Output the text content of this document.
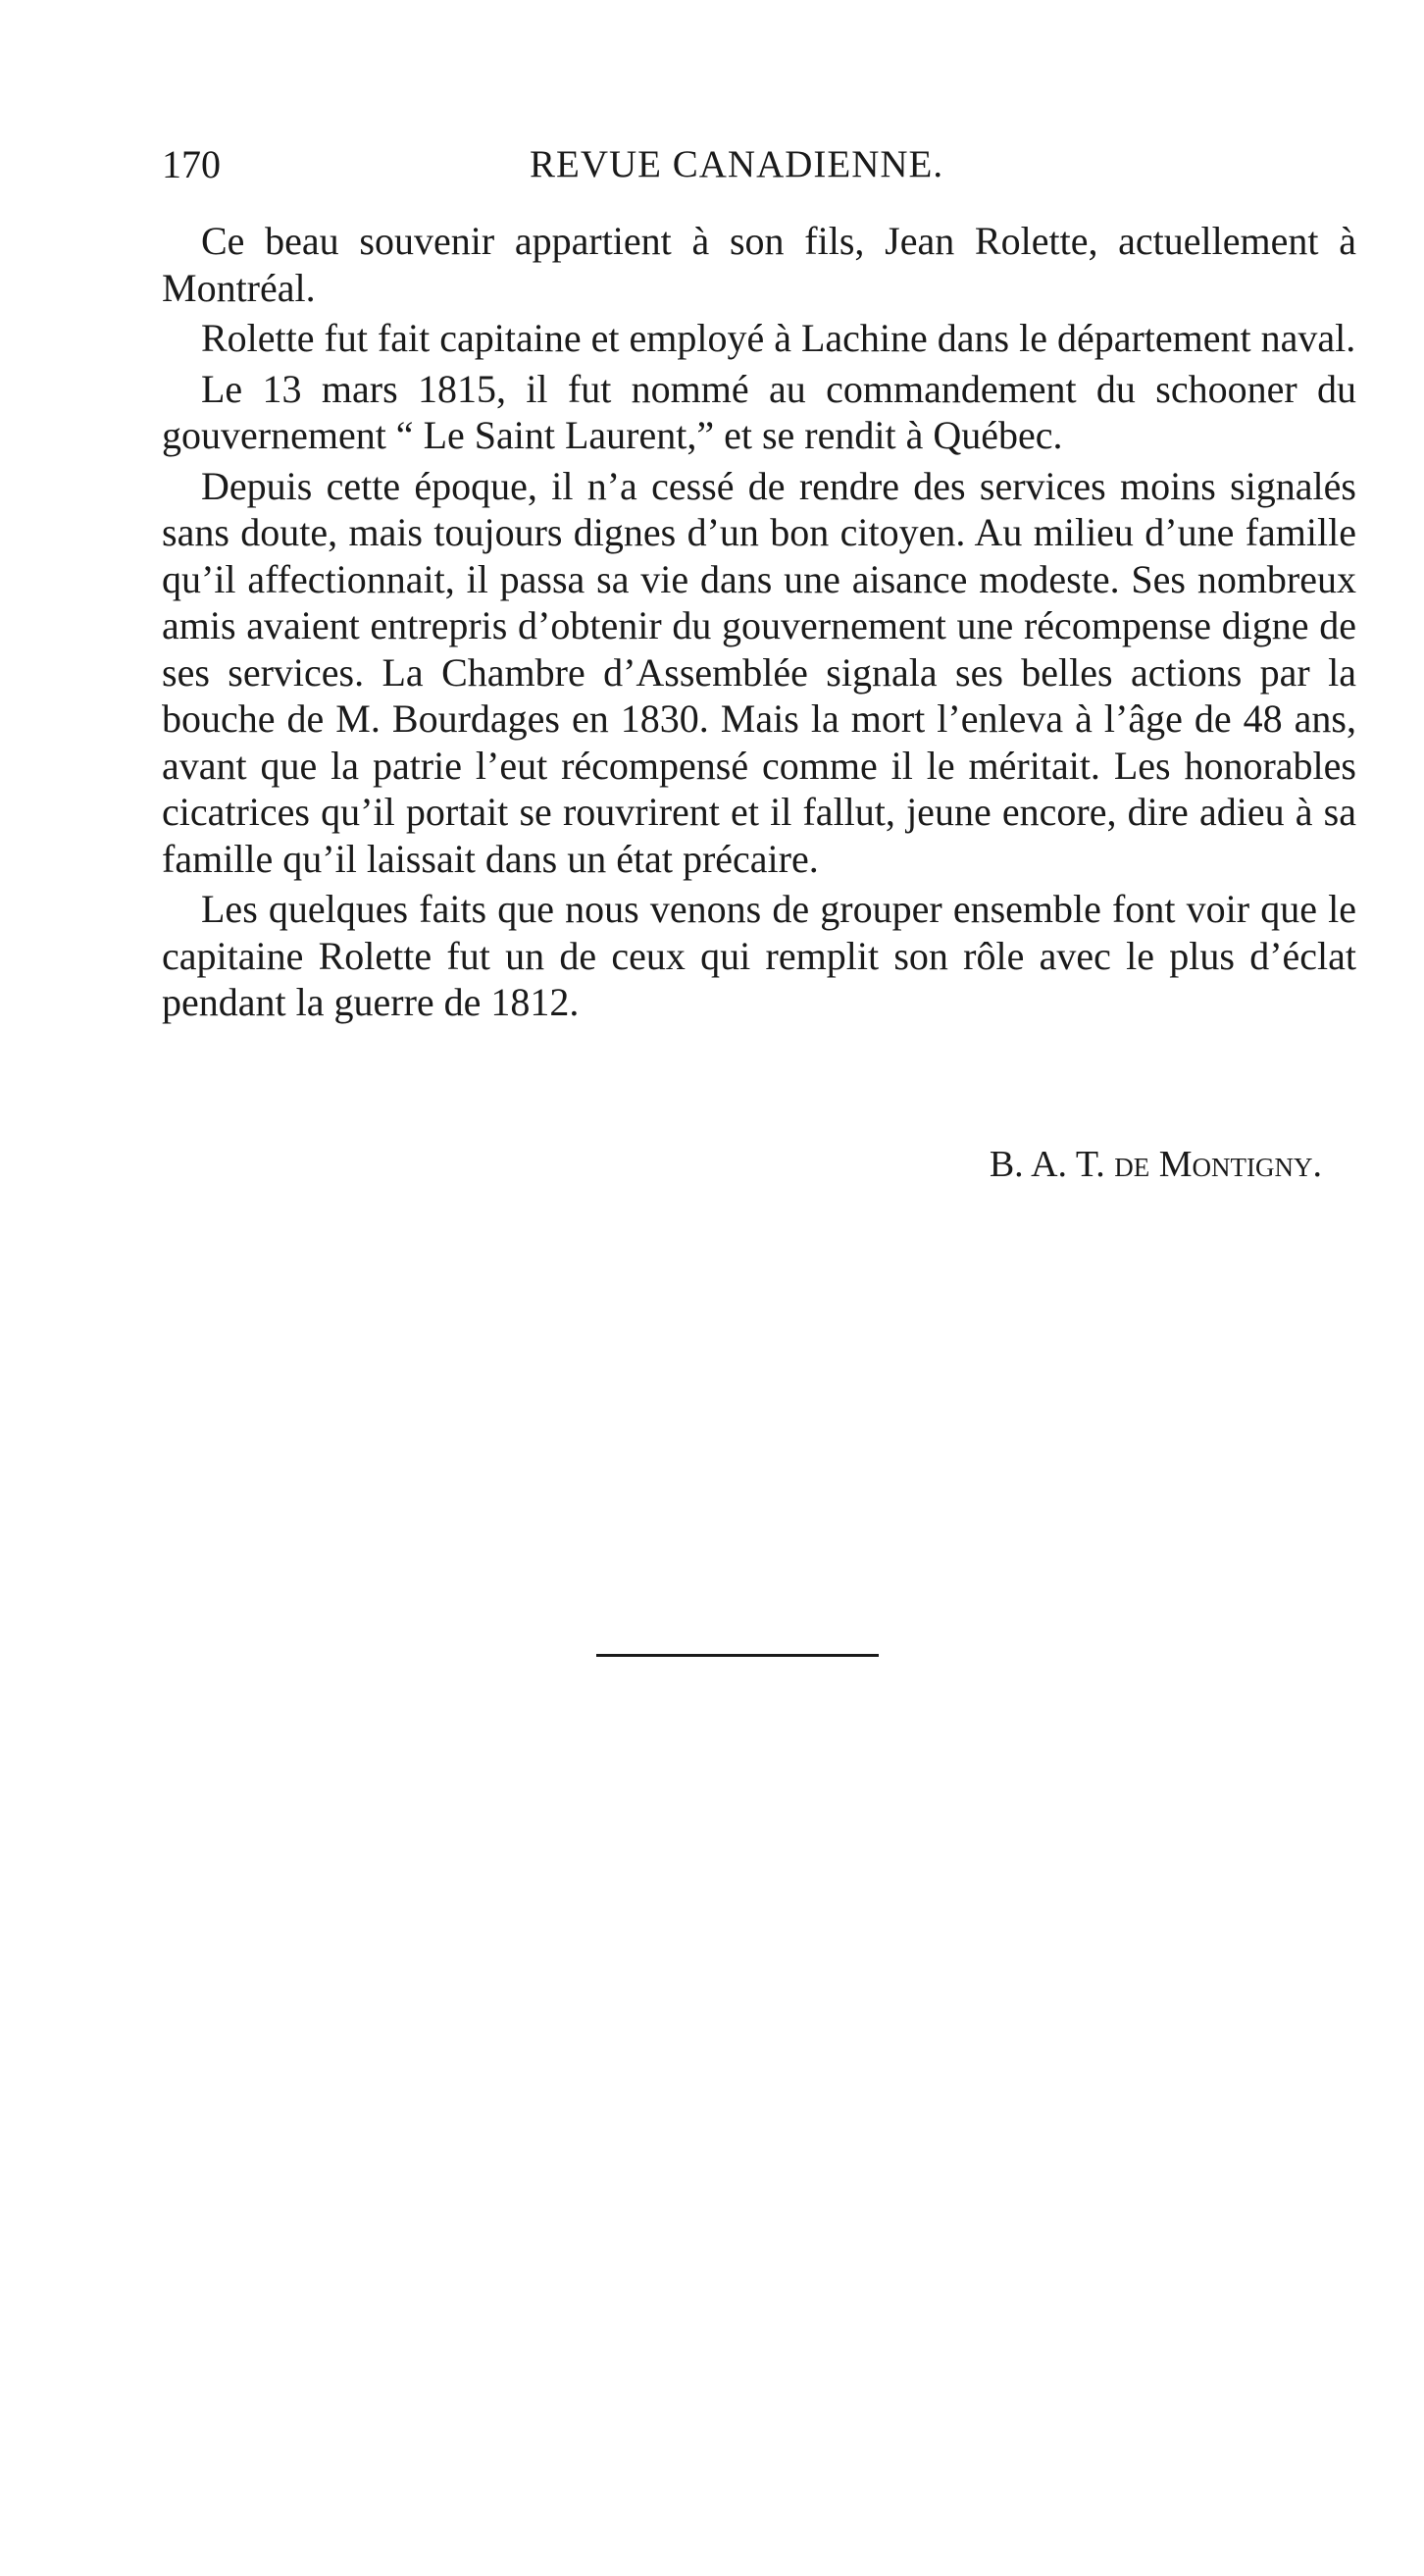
170	REVUE CANADIENNE.

Ce beau souvenir appartient à son fils, Jean Rolette, actuellement à Montréal.

Rolette fut fait capitaine et employé à Lachine dans le département naval.

Le 13 mars 1815, il fut nommé au commandement du schooner du gouvernement “ Le Saint Laurent,” et se rendit à Québec.

Depuis cette époque, il n’a cessé de rendre des services moins signalés sans doute, mais toujours dignes d’un bon citoyen. Au milieu d’une famille qu’il affectionnait, il passa sa vie dans une aisance modeste. Ses nombreux amis avaient entrepris d’obtenir du gouvernement une récompense digne de ses services. La Chambre d’Assemblée signala ses belles actions par la bouche de M. Bourdages en 1830. Mais la mort l’enleva à l’âge de 48 ans, avant que la patrie l’eut récompensé comme il le méritait. Les honorables cicatrices qu’il portait se rouvrirent et il fallut, jeune encore, dire adieu à sa famille qu’il laissait dans un état précaire.

Les quelques faits que nous venons de grouper ensemble font voir que le capitaine Rolette fut un de ceux qui remplit son rôle avec le plus d’éclat pendant la guerre de 1812.

B. A. T. de Montigny.
